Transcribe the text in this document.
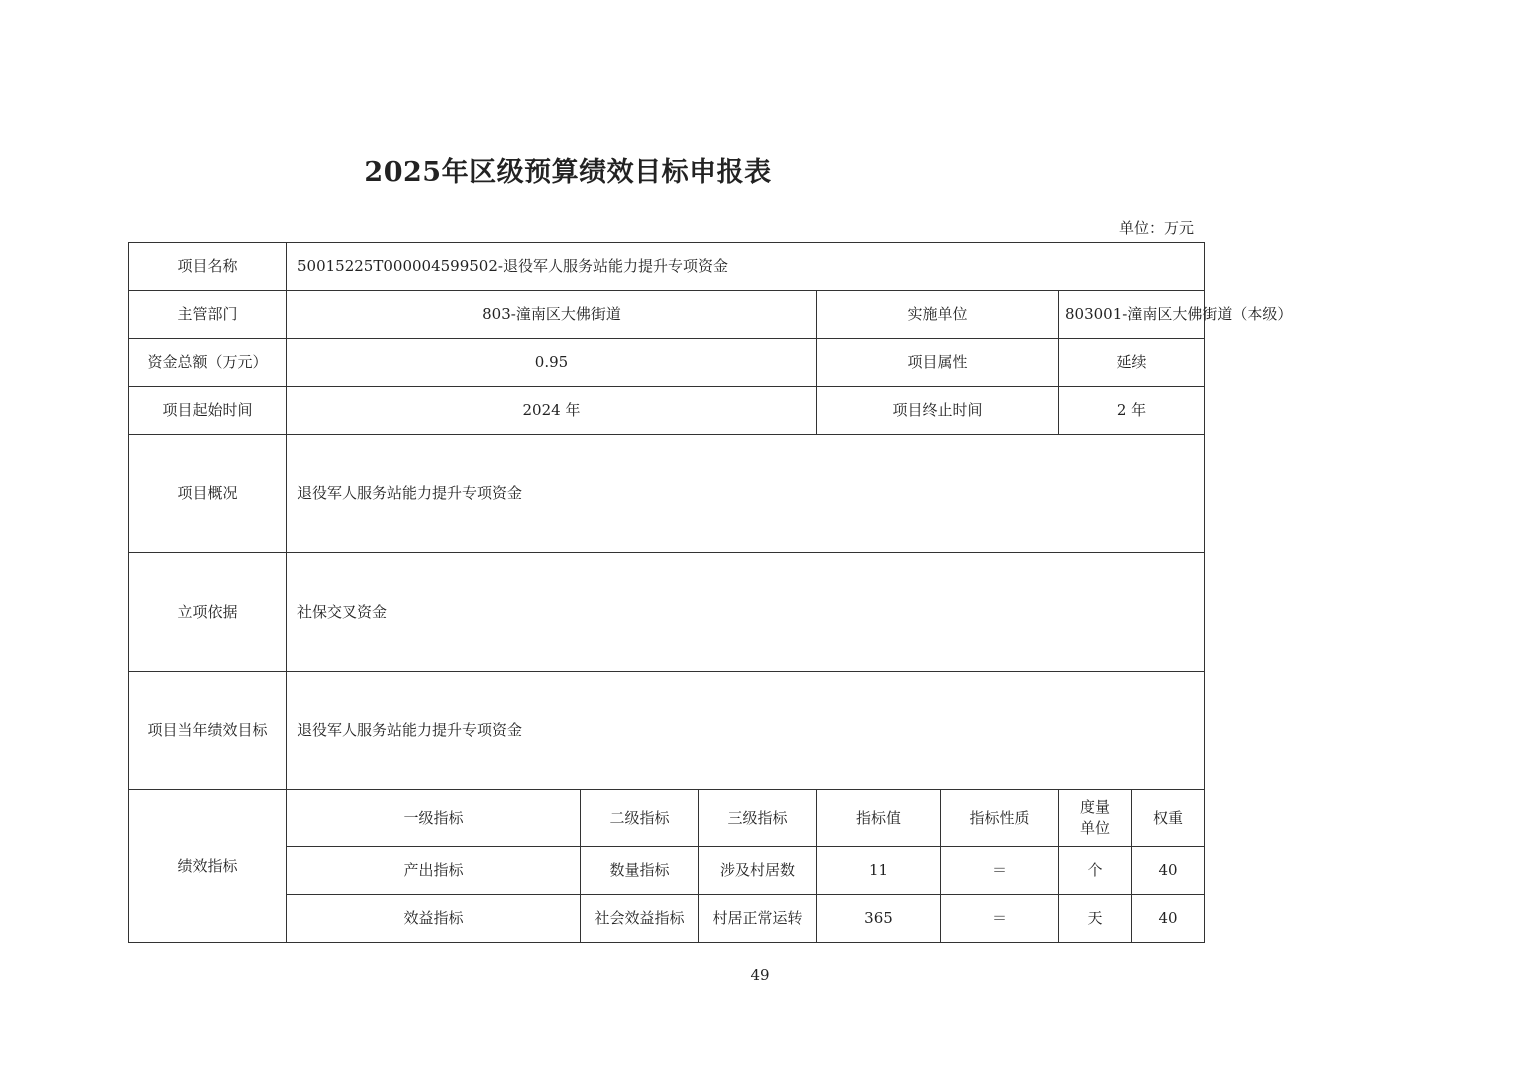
2025年区级预算绩效目标申报表
单位：万元
项目名称	50015225T000004599502-退役军人服务站能力提升专项资金						
主管部门	803-潼南区大佛街道			实施单位		803001-潼南区大佛街道（本级）	
资金总额（万元）	0.95			项目属性		延续	
项目起始时间	2024 年			项目终止时间		2 年	
项目概况	退役军人服务站能力提升专项资金						
立项依据	社保交叉资金						
项目当年绩效目标	退役军人服务站能力提升专项资金						
绩效指标	一级指标	二级指标	三级指标	指标值	指标性质	度量单位	权重
	产出指标	数量指标	涉及村居数	11	＝	个	40
	效益指标	社会效益指标	村居正常运转	365	＝	天	40
49
